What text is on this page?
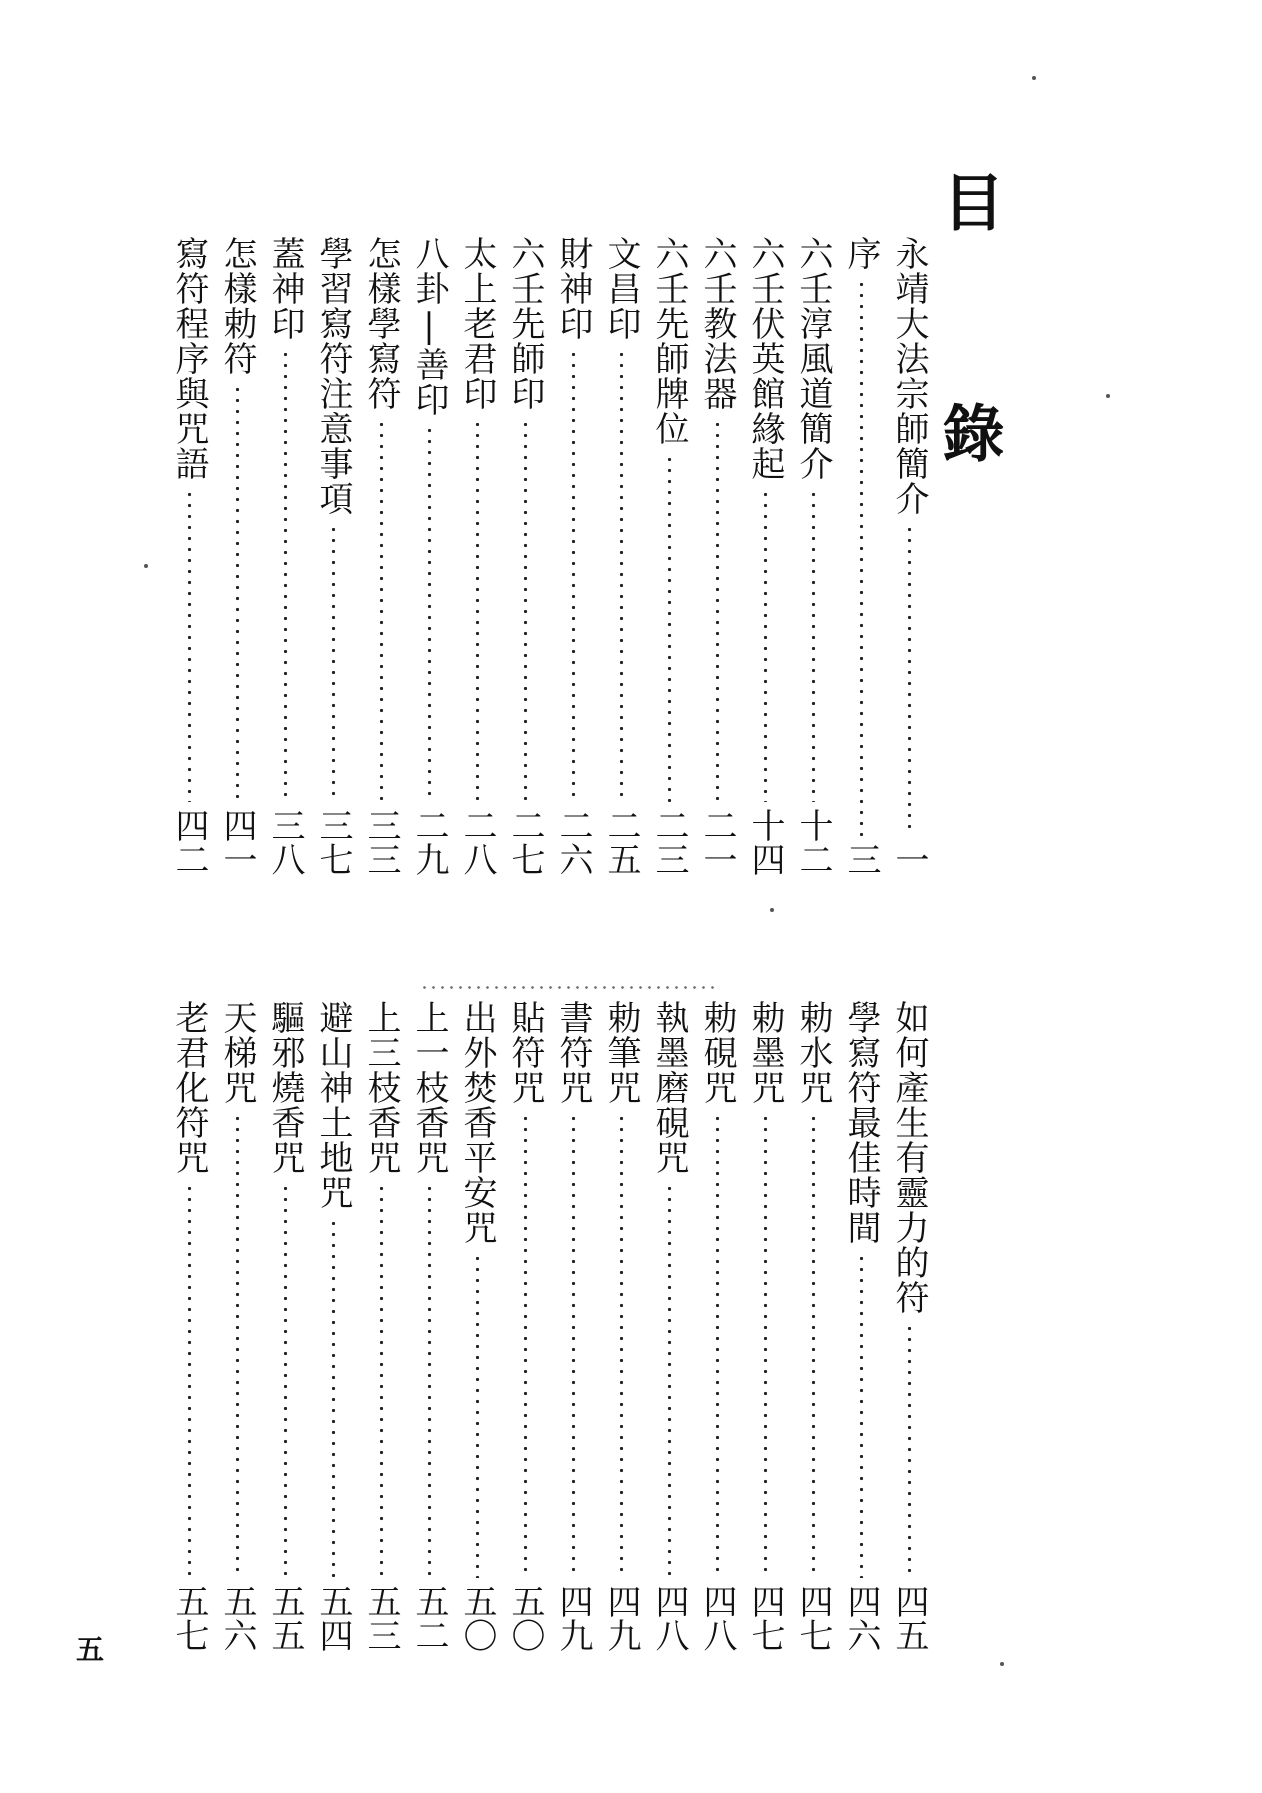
目 錄
永靖大法宗師簡介
一
序
三
六壬淳風道簡介
十二
六壬伏英館緣起
十四
六壬教法器
二一
六壬先師牌位
二三
文昌印
二五
財神印
二六
六壬先師印
二七
太上老君印
二八
八卦|善印
二九
怎樣學寫符
三三
學習寫符注意事項
三七
蓋神印
三八
怎樣勅符
四一
寫符程序與咒語
四二
如何產生有靈力的符
四五
學寫符最佳時間
四六
勅水咒
四七
勅墨咒
四七
勅硯咒
四八
執墨磨硯咒
四八
勅筆咒
四九
書符咒
四九
貼符咒
五〇
出外焚香平安咒
五〇
上一枝香咒
五二
上三枝香咒
五三
避山神土地咒
五四
驅邪燒香咒
五五
天梯咒
五六
老君化符咒
五七
五
